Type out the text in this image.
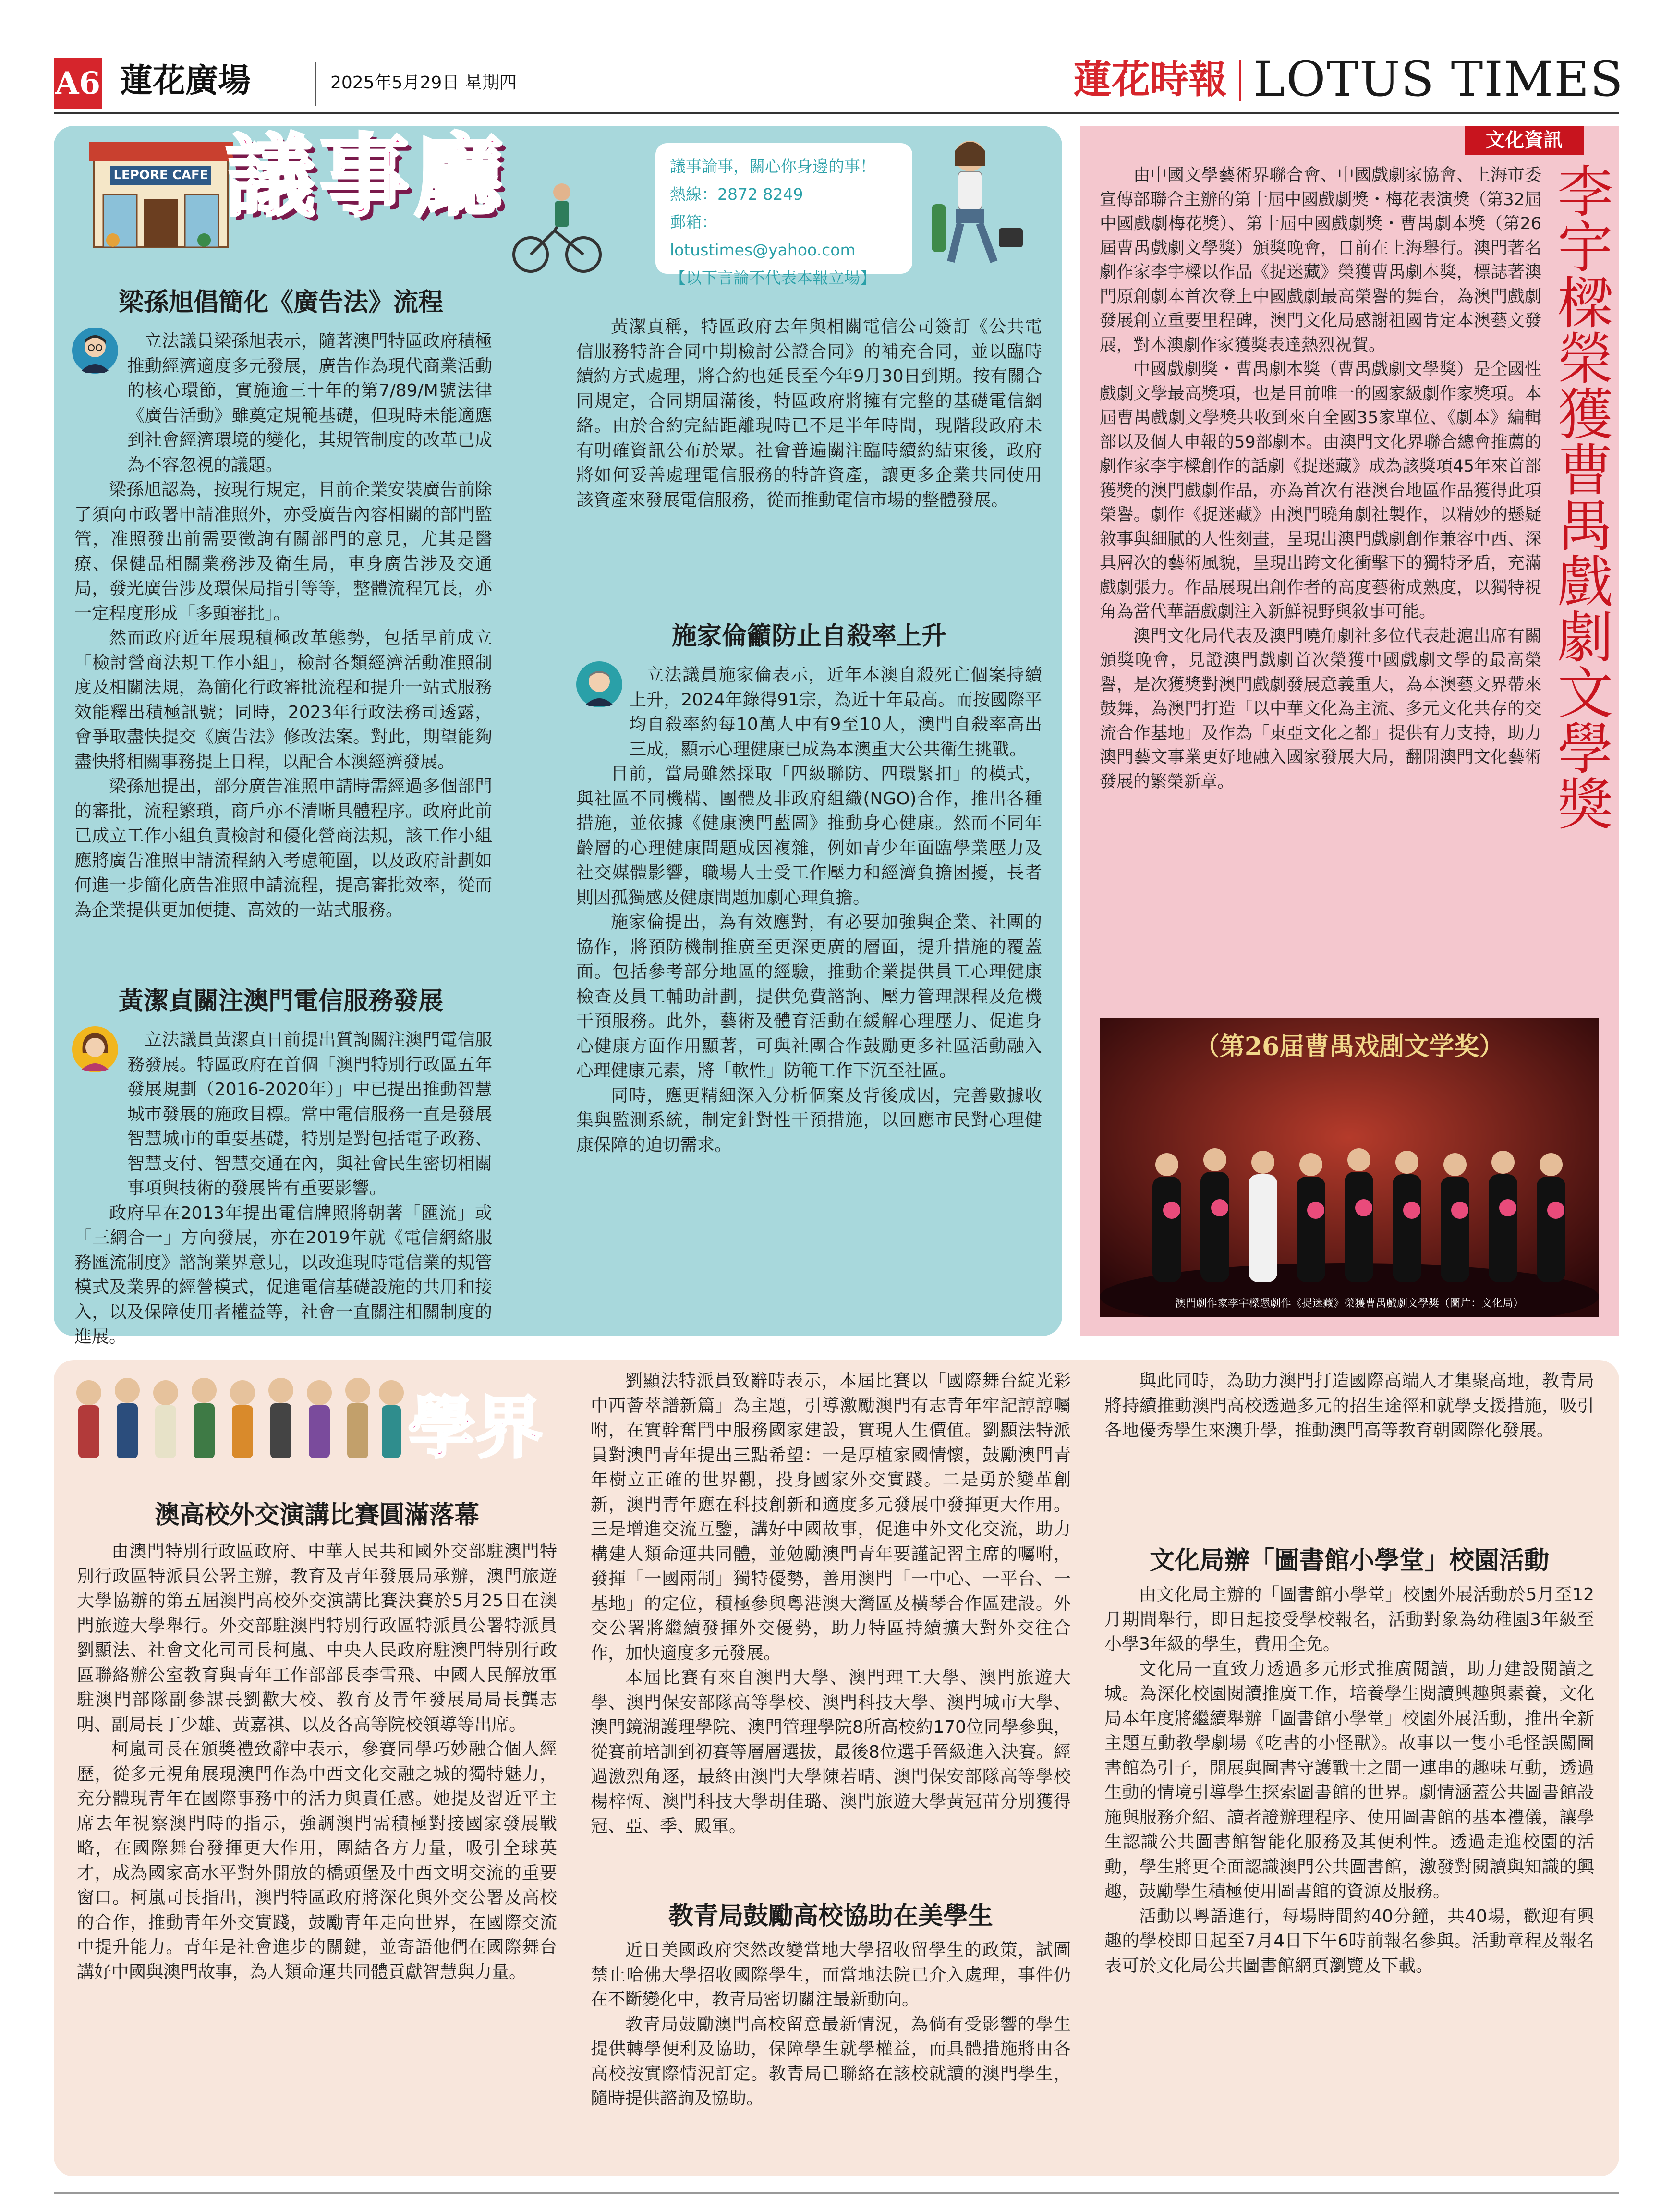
A6 蓮花廣場	2025年5月29日 星期四	蓮花時報 LOTUS TIMES
LEPORE CAFE 議事廳	議事論事，關心你身邊的事！
熱線：2872 8249
郵箱：lotustimes@yahoo.com
【以下言論不代表本報立場】
梁孫旭倡簡化《廣告法》流程

立法議員梁孫旭表示，隨著澳門特區政府積極推動經濟適度多元發展，廣告作為現代商業活動的核心環節，實施逾三十年的第7/89/M號法律《廣告活動》雖奠定規範基礎，但現時未能適應到社會經濟環境的變化，其規管制度的改革已成為不容忽視的議題。

梁孫旭認為，按現行規定，目前企業安裝廣告前除了須向市政署申請准照外，亦受廣告內容相關的部門監管，准照發出前需要徵詢有關部門的意見，尤其是醫療、保健品相關業務涉及衛生局，車身廣告涉及交通局，發光廣告涉及環保局指引等等，整體流程冗長，亦一定程度形成「多頭審批」。

然而政府近年展現積極改革態勢，包括早前成立「檢討營商法規工作小組」，檢討各類經濟活動准照制度及相關法規，為簡化行政審批流程和提升一站式服務效能釋出積極訊號；同時，2023年行政法務司透露，會爭取盡快提交《廣告法》修改法案。對此，期望能夠盡快將相關事務提上日程，以配合本澳經濟發展。

梁孫旭提出，部分廣告准照申請時需經過多個部門的審批，流程繁瑣，商戶亦不清晰具體程序。政府此前已成立工作小組負責檢討和優化營商法規，該工作小組應將廣告准照申請流程納入考慮範圍，以及政府計劃如何進一步簡化廣告准照申請流程，提高審批效率，從而為企業提供更加便捷、高效的一站式服務。

黃潔貞關注澳門電信服務發展

立法議員黃潔貞日前提出質詢關注澳門電信服務發展。特區政府在首個「澳門特別行政區五年發展規劃（2016-2020年）」中已提出推動智慧城市發展的施政目標。當中電信服務一直是發展智慧城市的重要基礎，特別是對包括電子政務、智慧支付、智慧交通在內，與社會民生密切相關事項與技術的發展皆有重要影響。

政府早在2013年提出電信牌照將朝著「匯流」或「三網合一」方向發展，亦在2019年就《電信網絡服務匯流制度》諮詢業界意見，以改進現時電信業的規管模式及業界的經營模式，促進電信基礎設施的共用和接入，以及保障使用者權益等，社會一直關注相關制度的進展。

黃潔貞稱，特區政府去年與相關電信公司簽訂《公共電信服務特許合同中期檢討公證合同》的補充合同，並以臨時續約方式處理，將合約也延長至今年9月30日到期。按有關合同規定，合同期屆滿後，特區政府將擁有完整的基礎電信網絡。由於合約完結距離現時已不足半年時間，現階段政府未有明確資訊公布於眾。社會普遍關注臨時續約結束後，政府將如何妥善處理電信服務的特許資產，讓更多企業共同使用該資產來發展電信服務，從而推動電信市場的整體發展。

施家倫籲防止自殺率上升

立法議員施家倫表示，近年本澳自殺死亡個案持續上升，2024年錄得91宗，為近十年最高。而按國際平均自殺率約每10萬人中有9至10人，澳門自殺率高出三成，顯示心理健康已成為本澳重大公共衛生挑戰。

目前，當局雖然採取「四級聯防、四環緊扣」的模式，與社區不同機構、團體及非政府組織(NGO)合作，推出各種措施，並依據《健康澳門藍圖》推動身心健康。然而不同年齡層的心理健康問題成因複雜，例如青少年面臨學業壓力及社交媒體影響，職場人士受工作壓力和經濟負擔困擾，長者則因孤獨感及健康問題加劇心理負擔。

施家倫提出，為有效應對，有必要加強與企業、社團的協作，將預防機制推廣至更深更廣的層面，提升措施的覆蓋面。包括參考部分地區的經驗，推動企業提供員工心理健康檢查及員工輔助計劃，提供免費諮詢、壓力管理課程及危機干預服務。此外，藝術及體育活動在緩解心理壓力、促進身心健康方面作用顯著，可與社團合作鼓勵更多社區活動融入心理健康元素，將「軟性」防範工作下沉至社區。

同時，應更精細深入分析個案及背後成因，完善數據收集與監測系統，制定針對性干預措施，以回應市民對心理健康保障的迫切需求。

文化資訊

由中國文學藝術界聯合會、中國戲劇家協會、上海市委宣傳部聯合主辦的第十屆中國戲劇獎・梅花表演獎（第32屆中國戲劇梅花獎）、第十屆中國戲劇獎・曹禺劇本獎（第26屆曹禺戲劇文學獎）頒獎晚會，日前在上海舉行。澳門著名劇作家李宇樑以作品《捉迷藏》榮獲曹禺劇本獎，標誌著澳門原創劇本首次登上中國戲劇最高榮譽的舞台，為澳門戲劇發展創立重要里程碑，澳門文化局感謝祖國肯定本澳藝文發展，對本澳劇作家獲獎表達熱烈祝賀。

中國戲劇獎・曹禺劇本獎（曹禺戲劇文學獎）是全國性戲劇文學最高獎項，也是目前唯一的國家級劇作家獎項。本屆曹禺戲劇文學獎共收到來自全國35家單位、《劇本》編輯部以及個人申報的59部劇本。由澳門文化界聯合總會推薦的劇作家李宇樑創作的話劇《捉迷藏》成為該獎項45年來首部獲獎的澳門戲劇作品，亦為首次有港澳台地區作品獲得此項榮譽。劇作《捉迷藏》由澳門曉角劇社製作，以精妙的懸疑敘事與細膩的人性刻畫，呈現出澳門戲劇創作兼容中西、深具層次的藝術風貌，呈現出跨文化衝擊下的獨特矛盾，充滿戲劇張力。作品展現出創作者的高度藝術成熟度，以獨特視角為當代華語戲劇注入新鮮視野與敘事可能。

澳門文化局代表及澳門曉角劇社多位代表赴滬出席有關頒獎晚會，見證澳門戲劇首次榮獲中國戲劇文學的最高榮譽，是次獲獎對澳門戲劇發展意義重大，為本澳藝文界帶來鼓舞，為澳門打造「以中華文化為主流、多元文化共存的交流合作基地」及作為「東亞文化之都」提供有力支持，助力澳門藝文事業更好地融入國家發展大局，翻開澳門文化藝術發展的繁榮新章。	李宇樑榮獲曹禺戲劇文學獎
（第26届曹禺戏剧文学奖）
澳門劇作家李宇樑憑劇作《捉迷藏》榮獲曹禺戲劇文學獎（圖片：文化局）
學界
澳高校外交演講比賽圓滿落幕

由澳門特別行政區政府、中華人民共和國外交部駐澳門特別行政區特派員公署主辦，教育及青年發展局承辦，澳門旅遊大學協辦的第五屆澳門高校外交演講比賽決賽於5月25日在澳門旅遊大學舉行。外交部駐澳門特別行政區特派員公署特派員劉顯法、社會文化司司長柯嵐、中央人民政府駐澳門特別行政區聯絡辦公室教育與青年工作部部長李雪飛、中國人民解放軍駐澳門部隊副參謀長劉歡大校、教育及青年發展局局長龔志明、副局長丁少雄、黃嘉祺、以及各高等院校領導等出席。

柯嵐司長在頒獎禮致辭中表示，參賽同學巧妙融合個人經歷，從多元視角展現澳門作為中西文化交融之城的獨特魅力，充分體現青年在國際事務中的活力與責任感。她提及習近平主席去年視察澳門時的指示，強調澳門需積極對接國家發展戰略，在國際舞台發揮更大作用，團結各方力量，吸引全球英才，成為國家高水平對外開放的橋頭堡及中西文明交流的重要窗口。柯嵐司長指出，澳門特區政府將深化與外交公署及高校的合作，推動青年外交實踐，鼓勵青年走向世界，在國際交流中提升能力。青年是社會進步的關鍵，並寄語他們在國際舞台講好中國與澳門故事，為人類命運共同體貢獻智慧與力量。

劉顯法特派員致辭時表示，本屆比賽以「國際舞台綻光彩 中西薈萃譜新篇」為主題，引導激勵澳門有志青年牢記諄諄囑咐，在實幹奮鬥中服務國家建設，實現人生價值。劉顯法特派員對澳門青年提出三點希望：一是厚植家國情懷，鼓勵澳門青年樹立正確的世界觀，投身國家外交實踐。二是勇於變革創新，澳門青年應在科技創新和適度多元發展中發揮更大作用。三是增進交流互鑒，講好中國故事，促進中外文化交流，助力構建人類命運共同體，並勉勵澳門青年要謹記習主席的囑咐，發揮「一國兩制」獨特優勢，善用澳門「一中心、一平台、一基地」的定位，積極參與粵港澳大灣區及橫琴合作區建設。外交公署將繼續發揮外交優勢，助力特區持續擴大對外交往合作，加快適度多元發展。

本屆比賽有來自澳門大學、澳門理工大學、澳門旅遊大學、澳門保安部隊高等學校、澳門科技大學、澳門城市大學、澳門鏡湖護理學院、澳門管理學院8所高校約170位同學參與，從賽前培訓到初賽等層層選拔，最後8位選手晉級進入決賽。經過激烈角逐，最終由澳門大學陳若晴、澳門保安部隊高等學校楊梓恆、澳門科技大學胡佳璐、澳門旅遊大學黃冠苗分別獲得冠、亞、季、殿軍。

教青局鼓勵高校協助在美學生

近日美國政府突然改變當地大學招收留學生的政策，試圖禁止哈佛大學招收國際學生，而當地法院已介入處理，事件仍在不斷變化中，教青局密切關注最新動向。

教青局鼓勵澳門高校留意最新情況，為倘有受影響的學生提供轉學便利及協助，保障學生就學權益，而具體措施將由各高校按實際情況訂定。教青局已聯絡在該校就讀的澳門學生，隨時提供諮詢及協助。

與此同時，為助力澳門打造國際高端人才集聚高地，教青局將持續推動澳門高校透過多元的招生途徑和就學支援措施，吸引各地優秀學生來澳升學，推動澳門高等教育朝國際化發展。

文化局辦「圖書館小學堂」校園活動

由文化局主辦的「圖書館小學堂」校園外展活動於5月至12月期間舉行，即日起接受學校報名，活動對象為幼稚園3年級至小學3年級的學生，費用全免。

文化局一直致力透過多元形式推廣閱讀，助力建設閱讀之城。為深化校園閱讀推廣工作，培養學生閱讀興趣與素養，文化局本年度將繼續舉辦「圖書館小學堂」校園外展活動，推出全新主題互動教學劇場《吃書的小怪獸》。故事以一隻小毛怪誤闖圖書館為引子，開展與圖書守護戰士之間一連串的趣味互動，透過生動的情境引導學生探索圖書館的世界。劇情涵蓋公共圖書館設施與服務介紹、讀者證辦理程序、使用圖書館的基本禮儀，讓學生認識公共圖書館智能化服務及其便利性。透過走進校園的活動，學生將更全面認識澳門公共圖書館，激發對閱讀與知識的興趣，鼓勵學生積極使用圖書館的資源及服務。

活動以粵語進行，每場時間約40分鐘，共40場，歡迎有興趣的學校即日起至7月4日下午6時前報名參與。活動章程及報名表可於文化局公共圖書館網頁瀏覽及下載。
